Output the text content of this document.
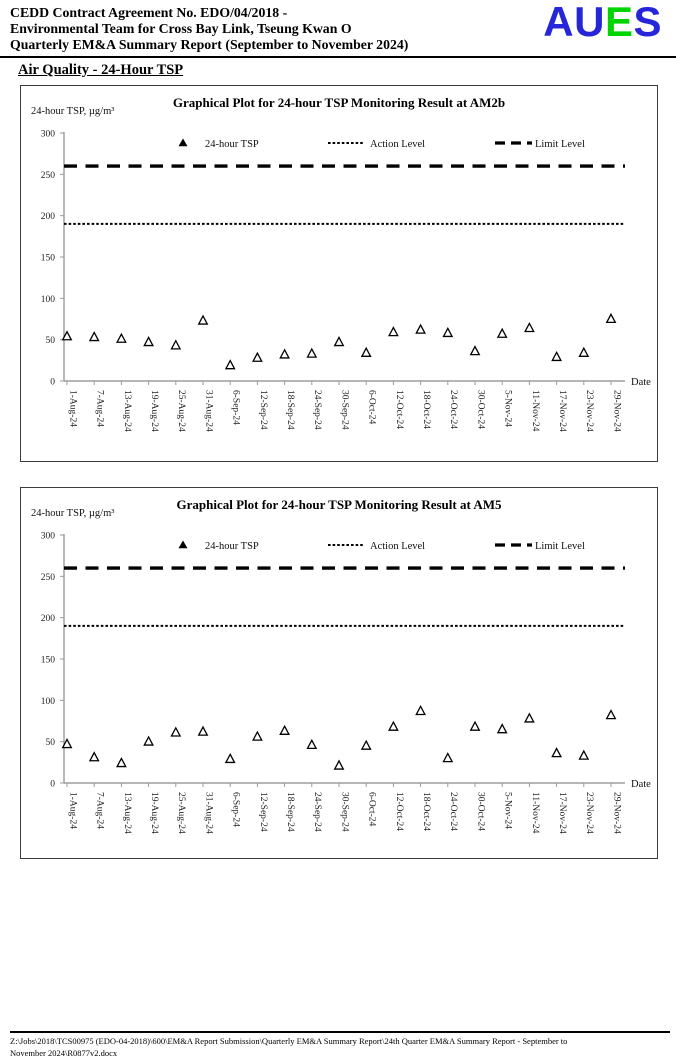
CEDD Contract Agreement No. EDO/04/2018 -
Environmental Team for Cross Bay Link, Tseung Kwan O
Quarterly EM&A Summary Report (September to November 2024)	AUES
Air Quality - 24-Hour TSP
Graphical Plot for 24-hour TSP Monitoring Result at AM2b
24-hour TSP, µg/m³
0
50
100
150
200
250
300
1-Aug-24 7-Aug-24 13-Aug-24 19-Aug-24 25-Aug-24 31-Aug-24 6-Sep-24 12-Sep-24 18-Sep-24 24-Sep-24 30-Sep-24 6-Oct-24 12-Oct-24 18-Oct-24 24-Oct-24 30-Oct-24 5-Nov-24 11-Nov-24 17-Nov-24 23-Nov-24 29-Nov-24
Date
24-hour TSP	Action Level	Limit Level
Graphical Plot for 24-hour TSP Monitoring Result at AM5
24-hour TSP, µg/m³
0
50
100
150
200
250
300
1-Aug-24 7-Aug-24 13-Aug-24 19-Aug-24 25-Aug-24 31-Aug-24 6-Sep-24 12-Sep-24 18-Sep-24 24-Sep-24 30-Sep-24 6-Oct-24 12-Oct-24 18-Oct-24 24-Oct-24 30-Oct-24 5-Nov-24 11-Nov-24 17-Nov-24 23-Nov-24 29-Nov-24
Date
24-hour TSP	Action Level	Limit Level
Z:\Jobs\2018\TCS00975 (EDO-04-2018)\600\EM&A Report Submission\Quarterly EM&A Summary Report\24th Quarter EM&A Summary Report - September to
November 2024\R0877v2.docx
